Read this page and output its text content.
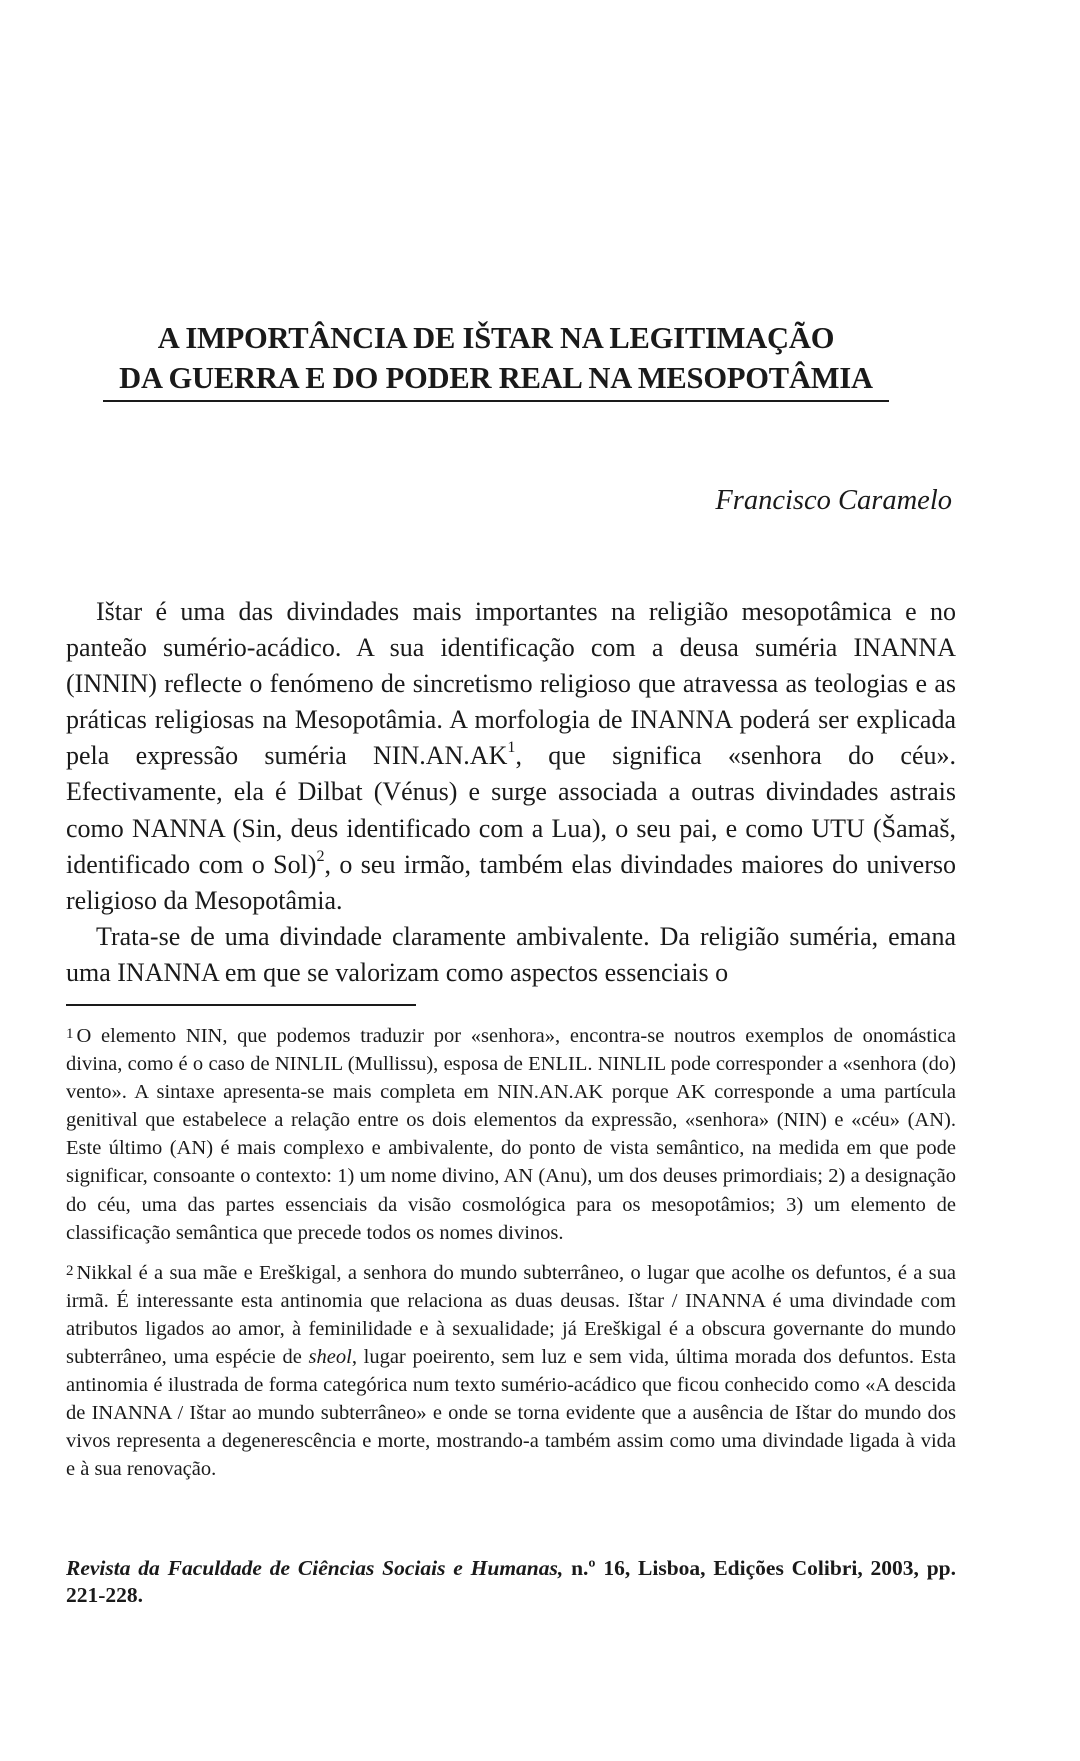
A IMPORTÂNCIA DE IŠTAR NA LEGITIMAÇÃO
DA GUERRA E DO PODER REAL NA MESOPOTÂMIA
Francisco Caramelo

Ištar é uma das divindades mais importantes na religião mesopotâmica e no panteão sumério-acádico. A sua identificação com a deusa suméria INANNA (INNIN) reflecte o fenómeno de sincretismo religioso que atravessa as teologias e as práticas religiosas na Mesopotâmia. A morfologia de INANNA poderá ser explicada pela expressão suméria $NIN.AN.AK^1$, que significa «senhora do céu». Efectivamente, ela é Dilbat (Vénus) e surge associada a outras divindades astrais como NANNA (Sin, deus identificado com a Lua), o seu pai, e como UTU (Šamaš, identificado com o Sol)$^2$, o seu irmão, também elas divindades maiores do universo religioso da Mesopotâmia.

Trata-se de uma divindade claramente ambivalente. Da religião suméria, emana uma INANNA em que se valorizam como aspectos essenciais o

$^1$ O elemento NIN, que podemos traduzir por «senhora», encontra-se noutros exemplos de onomástica divina, como é o caso de NINLIL (Mullissu), esposa de ENLIL. NINLIL pode corresponder a «senhora (do) vento». A sintaxe apresenta-se mais completa em NIN.AN.AK porque AK corresponde a uma partícula genitival que estabelece a relação entre os dois elementos da expressão, «senhora» (NIN) e «céu» (AN). Este último (AN) é mais complexo e ambivalente, do ponto de vista semântico, na medida em que pode significar, consoante o contexto: 1) um nome divino, AN (Anu), um dos deuses primordiais; 2) a designação do céu, uma das partes essenciais da visão cosmológica para os mesopotâmios; 3) um elemento de classificação semântica que precede todos os nomes divinos.

$^2$ Nikkal é a sua mãe e Ereškigal, a senhora do mundo subterrâneo, o lugar que acolhe os defuntos, é a sua irmã. É interessante esta antinomia que relaciona as duas deusas. Ištar / INANNA é uma divindade com atributos ligados ao amor, à feminilidade e à sexualidade; já Ereškigal é a obscura governante do mundo subterrâneo, uma espécie de sheol, lugar poeirento, sem luz e sem vida, última morada dos defuntos. Esta antinomia é ilustrada de forma categórica num texto sumério-acádico que ficou conhecido como «A descida de INANNA / Ištar ao mundo subterrâneo» e onde se torna evidente que a ausência de Ištar do mundo dos vivos representa a degenerescência e morte, mostrando-a também assim como uma divindade ligada à vida e à sua renovação.

Revista da Faculdade de Ciências Sociais e Humanas, n.º 16, Lisboa, Edições Colibri, 2003, pp. 221-228.
